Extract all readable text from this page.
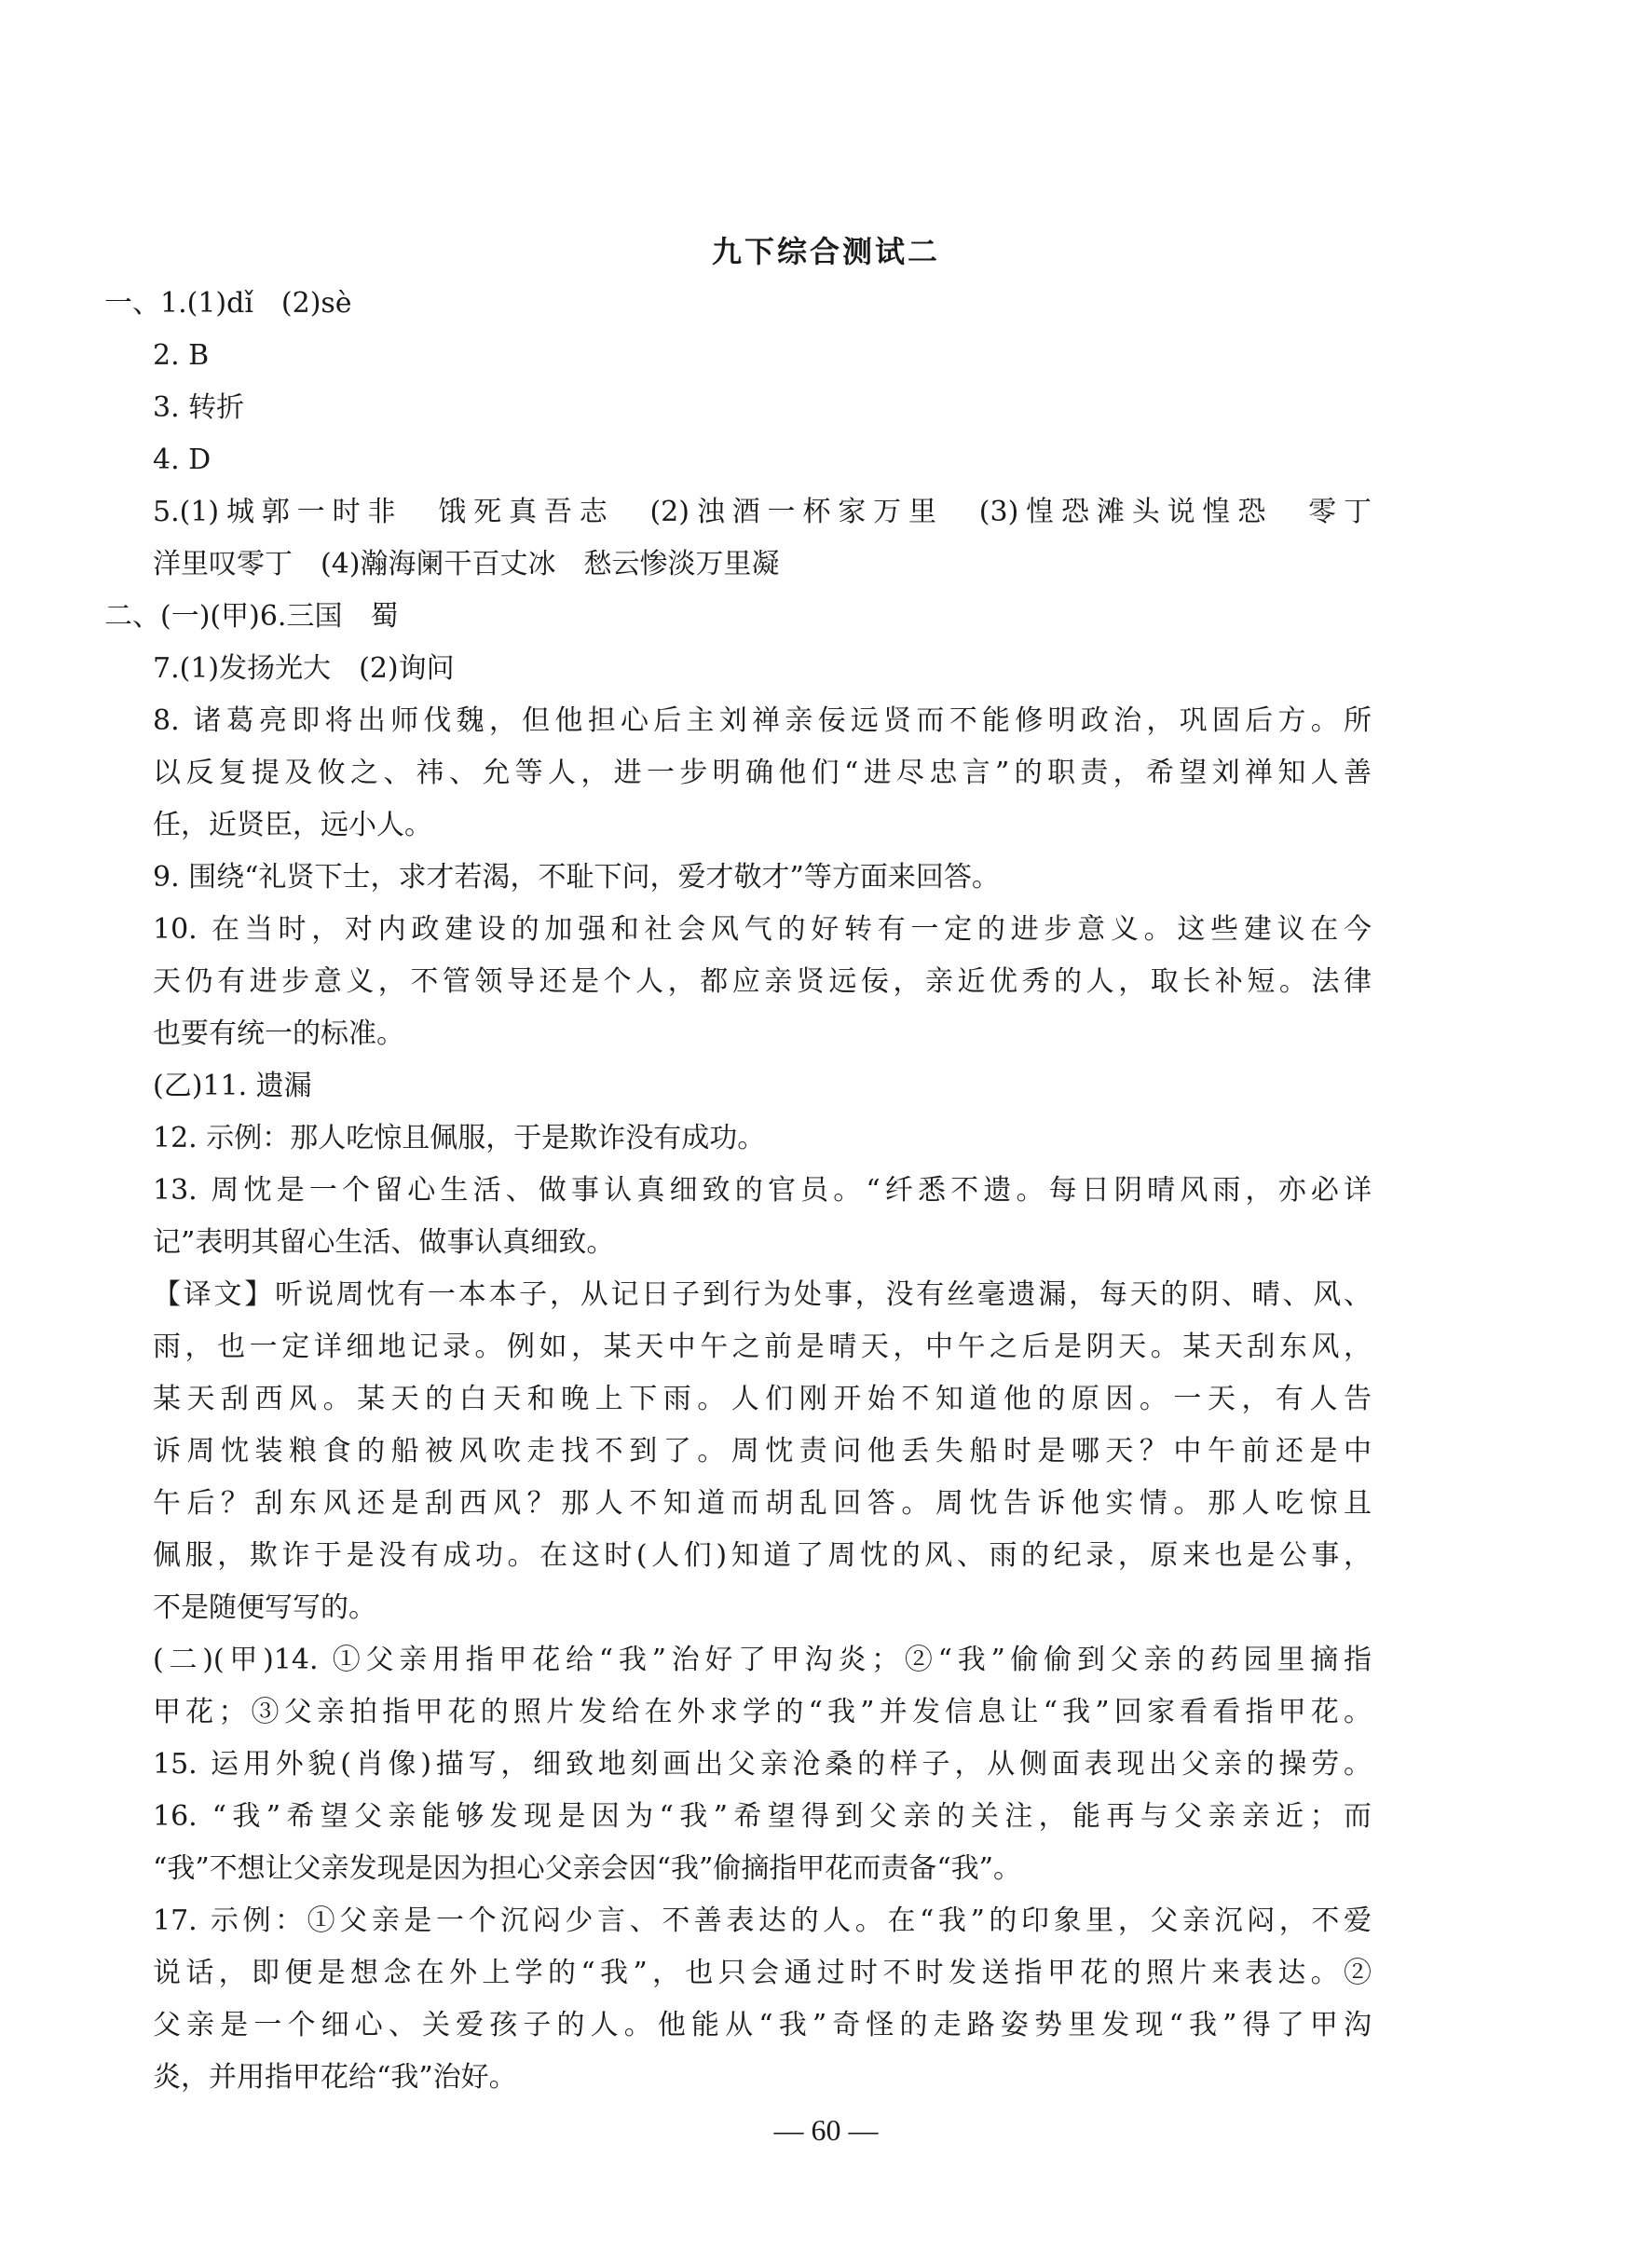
九下综合测试二
一、1.(1)dǐ　(2)sè
2. B
3. 转折
4. D
5.(1)城郭一时非　饿死真吾志　(2)浊酒一杯家万里　(3)惶恐滩头说惶恐　零丁
洋里叹零丁　(4)瀚海阑干百丈冰　愁云惨淡万里凝
二、(一)(甲)6.三国　蜀
7.(1)发扬光大　(2)询问
8. 诸葛亮即将出师伐魏，但他担心后主刘禅亲佞远贤而不能修明政治，巩固后方。所
以反复提及攸之、祎、允等人，进一步明确他们“进尽忠言”的职责，希望刘禅知人善
任，近贤臣，远小人。
9. 围绕“礼贤下士，求才若渴，不耻下问，爱才敬才”等方面来回答。
10. 在当时，对内政建设的加强和社会风气的好转有一定的进步意义。这些建议在今
天仍有进步意义，不管领导还是个人，都应亲贤远佞，亲近优秀的人，取长补短。法律
也要有统一的标准。
(乙)11. 遗漏
12. 示例：那人吃惊且佩服，于是欺诈没有成功。
13. 周忱是一个留心生活、做事认真细致的官员。“纤悉不遗。每日阴晴风雨，亦必详
记”表明其留心生活、做事认真细致。
【译文】听说周忱有一本本子，从记日子到行为处事，没有丝毫遗漏，每天的阴、晴、风、
雨，也一定详细地记录。例如，某天中午之前是晴天，中午之后是阴天。某天刮东风，
某天刮西风。某天的白天和晚上下雨。人们刚开始不知道他的原因。一天，有人告
诉周忱装粮食的船被风吹走找不到了。周忱责问他丢失船时是哪天？中午前还是中
午后？刮东风还是刮西风？那人不知道而胡乱回答。周忱告诉他实情。那人吃惊且
佩服，欺诈于是没有成功。在这时(人们)知道了周忱的风、雨的纪录，原来也是公事，
不是随便写写的。
(二)(甲)14. ①父亲用指甲花给“我”治好了甲沟炎；②“我”偷偷到父亲的药园里摘指
甲花；③父亲拍指甲花的照片发给在外求学的“我”并发信息让“我”回家看看指甲花。
15. 运用外貌(肖像)描写，细致地刻画出父亲沧桑的样子，从侧面表现出父亲的操劳。
16. “我”希望父亲能够发现是因为“我”希望得到父亲的关注，能再与父亲亲近；而
“我”不想让父亲发现是因为担心父亲会因“我”偷摘指甲花而责备“我”。
17. 示例：①父亲是一个沉闷少言、不善表达的人。在“我”的印象里，父亲沉闷，不爱
说话，即便是想念在外上学的“我”，也只会通过时不时发送指甲花的照片来表达。②
父亲是一个细心、关爱孩子的人。他能从“我”奇怪的走路姿势里发现“我”得了甲沟
炎，并用指甲花给“我”治好。
— 60 —
